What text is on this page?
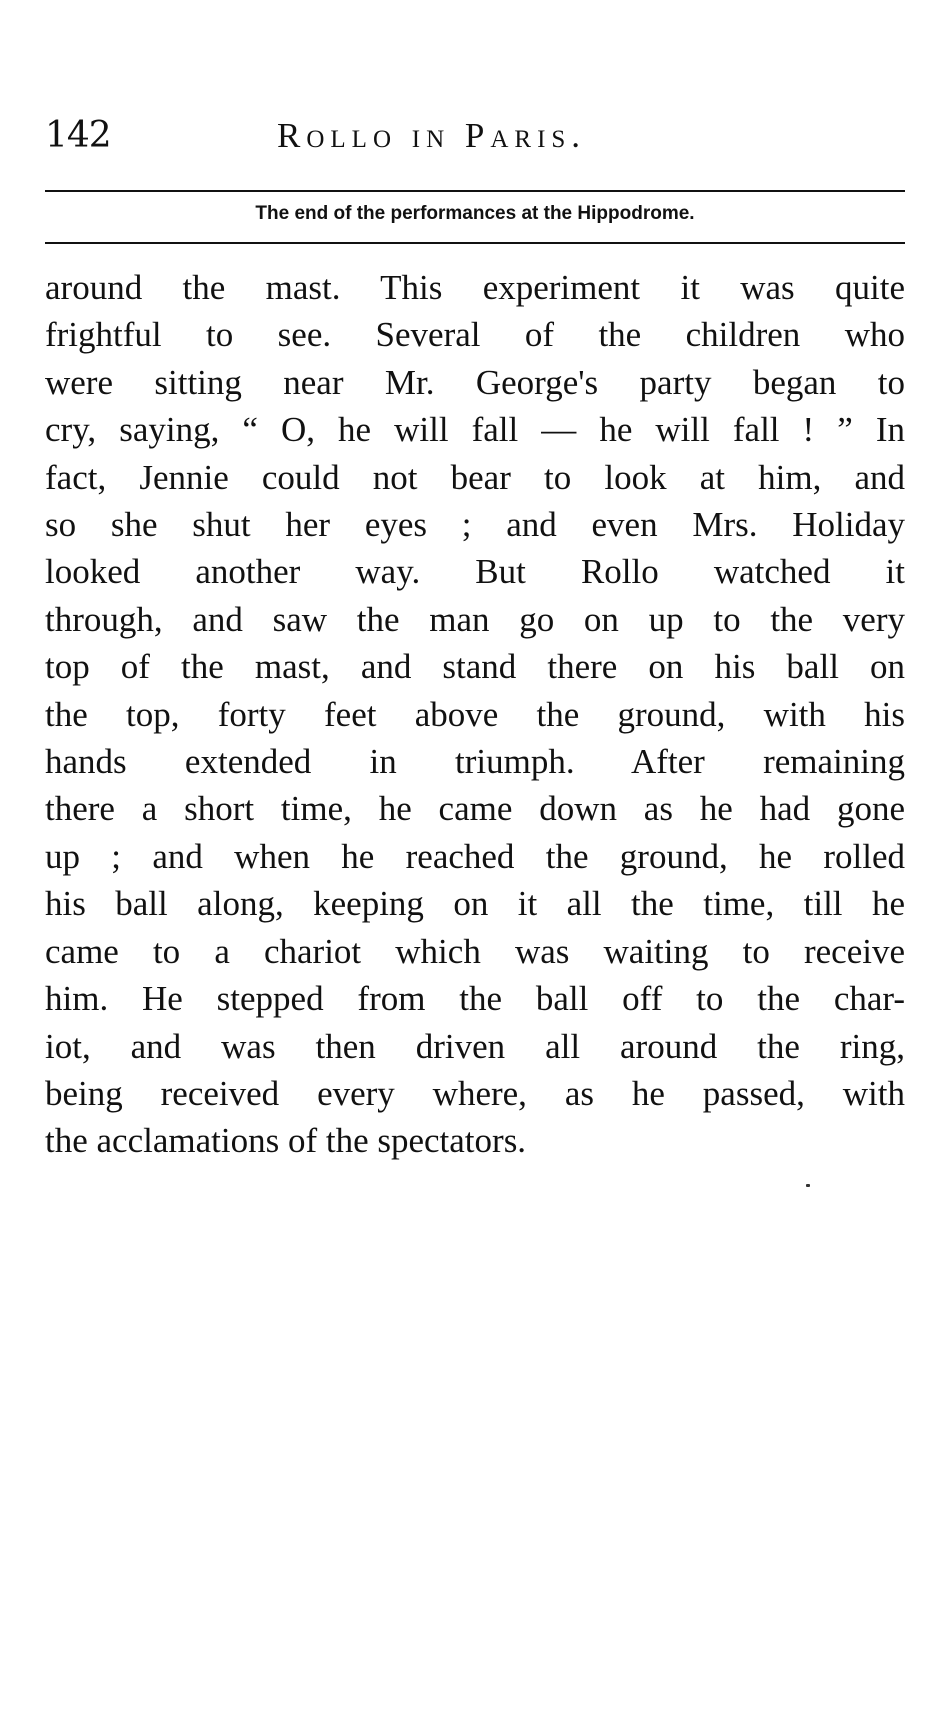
142	Rollo in Paris.
The end of the performances at the Hippodrome.
around the mast. This experiment it was quite
frightful to see. Several of the children who
were sitting near Mr. George's party began to
cry, saying, “ O, he will fall — he will fall ! ” In
fact, Jennie could not bear to look at him, and
so she shut her eyes ; and even Mrs. Holiday
looked another way. But Rollo watched it
through, and saw the man go on up to the very
top of the mast, and stand there on his ball on
the top, forty feet above the ground, with his
hands extended in triumph. After remaining
there a short time, he came down as he had gone
up ; and when he reached the ground, he rolled
his ball along, keeping on it all the time, till he
came to a chariot which was waiting to receive
him. He stepped from the ball off to the char-
iot, and was then driven all around the ring,
being received every where, as he passed, with
the acclamations of the spectators.
